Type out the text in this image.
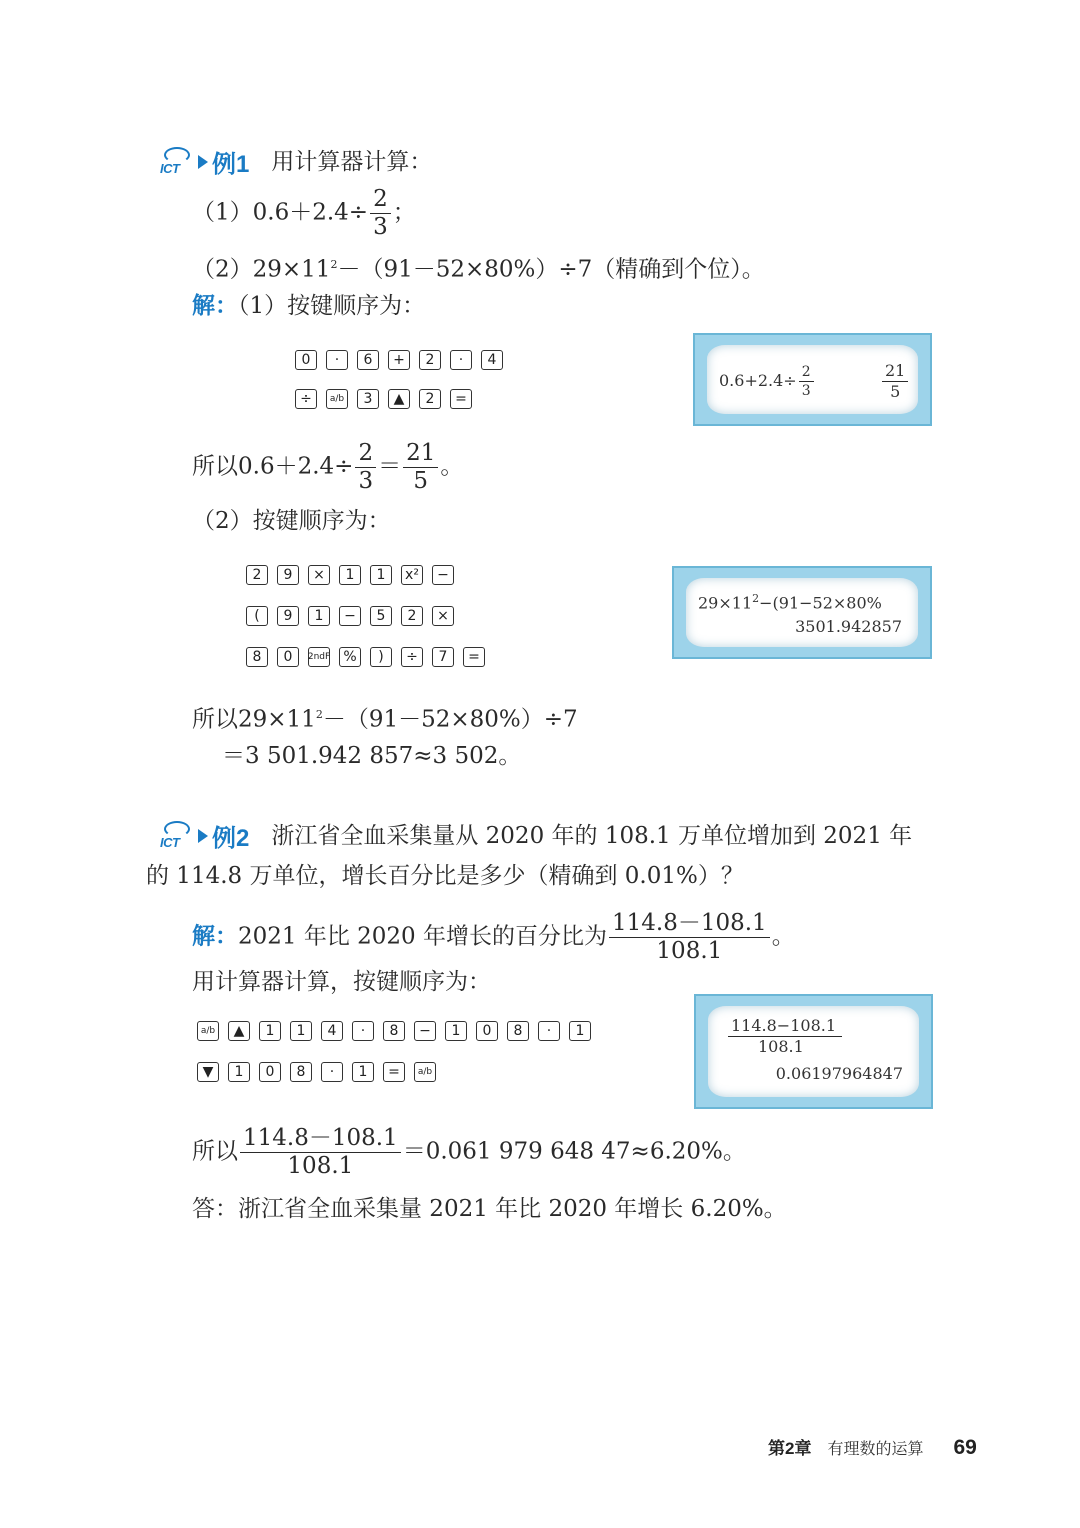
ICT 例1 用计算器计算：
$(1)0.6+2.4\div \frac{2}{3}$ ；
$(2)29\times 11^2-(91-52\times 80\%)\div 7$（精确到个位）。
解：（1）按键顺序为：
0	·	6	+	2	·	4
÷	a/b	3	▲	2	=
$0.6+2.4\div \frac{2}{3}$	$\frac{21}{5}$
所以$0.6+2.4\div \frac{2}{3} = \frac{21}{5}$ 。
（2）按键顺序为：
2	9	×	1	1	x²	−
(	9	1	−	5	2	×
8	0	2ndF %	)	÷	7	=
$29\times 11^2-(91-52\times 80\%$
3501.942857
所以$29\times 11^2-(91-52\times 80\%)\div 7$
＝3 501.942 857≈3 502。
ICT 例2 浙江省全血采集量从 2020 年的 108.1 万单位增加到 2021 年
的 114.8 万单位，增长百分比是多少（精确到 0.01%）？
解：2021 年比 2020 年增长的百分比为 $\frac{114.8-108.1}{108.1}$ 。
用计算器计算，按键顺序为：
a/b	▲	1	1	4	·	8	−	1	0	8	·	1
▼	1	0	8	·	1	=	a/b
$\frac{114.8-108.1}{108.1}$
0.06197964847
所以 $\frac{114.8-108.1}{108.1} =0.061$ 979 648 47≈6.20%。
答：浙江省全血采集量 2021 年比 2020 年增长 6.20%。
第2章 有理数的运算 69
